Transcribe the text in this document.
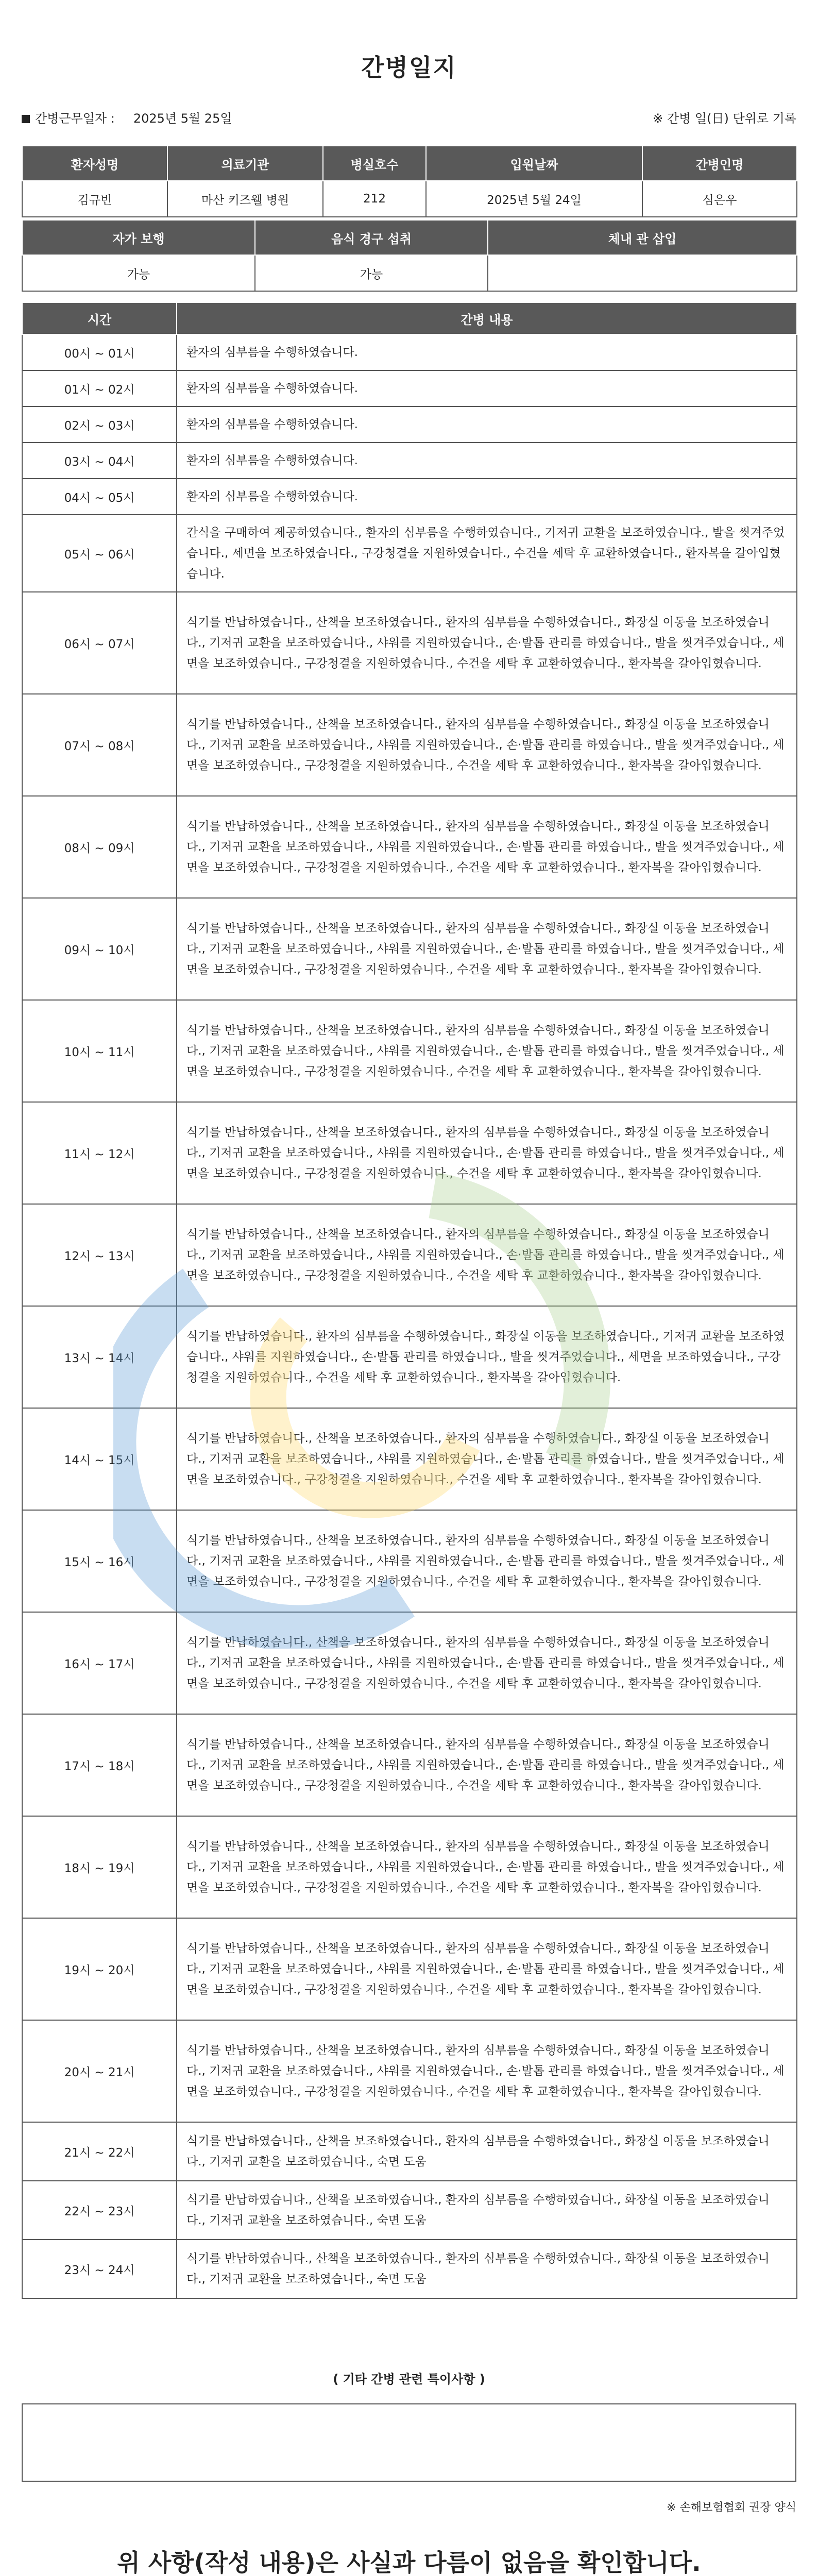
간병일지
간병근무일자 : 2025년 5월 25일	※ 간병 일(日) 단위로 기록
환자성명	의료기관	병실호수	입원날짜	간병인명
김규빈	마산 키즈웰 병원	212	2025년 5월 24일	심은우
자가 보행	음식 경구 섭취	체내 관 삽입
가능	가능	
시간	간병 내용
00시 ~ 01시	환자의 심부름을 수행하였습니다.
01시 ~ 02시	환자의 심부름을 수행하였습니다.
02시 ~ 03시	환자의 심부름을 수행하였습니다.
03시 ~ 04시	환자의 심부름을 수행하였습니다.
04시 ~ 05시	환자의 심부름을 수행하였습니다.
05시 ~ 06시	간식을 구매하여 제공하였습니다., 환자의 심부름을 수행하였습니다., 기저귀 교환을 보조하였습니다., 발을 씻겨주었습니다., 세면을 보조하였습니다., 구강청결을 지원하였습니다., 수건을 세탁 후 교환하였습니다., 환자복을 갈아입혔습니다.
06시 ~ 07시	식기를 반납하였습니다., 산책을 보조하였습니다., 환자의 심부름을 수행하였습니다., 화장실 이동을 보조하였습니다., 기저귀 교환을 보조하였습니다., 샤워를 지원하였습니다., 손·발톱 관리를 하였습니다., 발을 씻겨주었습니다., 세면을 보조하였습니다., 구강청결을 지원하였습니다., 수건을 세탁 후 교환하였습니다., 환자복을 갈아입혔습니다.
07시 ~ 08시	식기를 반납하였습니다., 산책을 보조하였습니다., 환자의 심부름을 수행하였습니다., 화장실 이동을 보조하였습니다., 기저귀 교환을 보조하였습니다., 샤워를 지원하였습니다., 손·발톱 관리를 하였습니다., 발을 씻겨주었습니다., 세면을 보조하였습니다., 구강청결을 지원하였습니다., 수건을 세탁 후 교환하였습니다., 환자복을 갈아입혔습니다.
08시 ~ 09시	식기를 반납하였습니다., 산책을 보조하였습니다., 환자의 심부름을 수행하였습니다., 화장실 이동을 보조하였습니다., 기저귀 교환을 보조하였습니다., 샤워를 지원하였습니다., 손·발톱 관리를 하였습니다., 발을 씻겨주었습니다., 세면을 보조하였습니다., 구강청결을 지원하였습니다., 수건을 세탁 후 교환하였습니다., 환자복을 갈아입혔습니다.
09시 ~ 10시	식기를 반납하였습니다., 산책을 보조하였습니다., 환자의 심부름을 수행하였습니다., 화장실 이동을 보조하였습니다., 기저귀 교환을 보조하였습니다., 샤워를 지원하였습니다., 손·발톱 관리를 하였습니다., 발을 씻겨주었습니다., 세면을 보조하였습니다., 구강청결을 지원하였습니다., 수건을 세탁 후 교환하였습니다., 환자복을 갈아입혔습니다.
10시 ~ 11시	식기를 반납하였습니다., 산책을 보조하였습니다., 환자의 심부름을 수행하였습니다., 화장실 이동을 보조하였습니다., 기저귀 교환을 보조하였습니다., 샤워를 지원하였습니다., 손·발톱 관리를 하였습니다., 발을 씻겨주었습니다., 세면을 보조하였습니다., 구강청결을 지원하였습니다., 수건을 세탁 후 교환하였습니다., 환자복을 갈아입혔습니다.
11시 ~ 12시	식기를 반납하였습니다., 산책을 보조하였습니다., 환자의 심부름을 수행하였습니다., 화장실 이동을 보조하였습니다., 기저귀 교환을 보조하였습니다., 샤워를 지원하였습니다., 손·발톱 관리를 하였습니다., 발을 씻겨주었습니다., 세면을 보조하였습니다., 구강청결을 지원하였습니다., 수건을 세탁 후 교환하였습니다., 환자복을 갈아입혔습니다.
12시 ~ 13시	식기를 반납하였습니다., 산책을 보조하였습니다., 환자의 심부름을 수행하였습니다., 화장실 이동을 보조하였습니다., 기저귀 교환을 보조하였습니다., 샤워를 지원하였습니다., 손·발톱 관리를 하였습니다., 발을 씻겨주었습니다., 세면을 보조하였습니다., 구강청결을 지원하였습니다., 수건을 세탁 후 교환하였습니다., 환자복을 갈아입혔습니다.
13시 ~ 14시	식기를 반납하였습니다., 환자의 심부름을 수행하였습니다., 화장실 이동을 보조하였습니다., 기저귀 교환을 보조하였습니다., 샤워를 지원하였습니다., 손·발톱 관리를 하였습니다., 발을 씻겨주었습니다., 세면을 보조하였습니다., 구강청결을 지원하였습니다., 수건을 세탁 후 교환하였습니다., 환자복을 갈아입혔습니다.
14시 ~ 15시	식기를 반납하였습니다., 산책을 보조하였습니다., 환자의 심부름을 수행하였습니다., 화장실 이동을 보조하였습니다., 기저귀 교환을 보조하였습니다., 샤워를 지원하였습니다., 손·발톱 관리를 하였습니다., 발을 씻겨주었습니다., 세면을 보조하였습니다., 구강청결을 지원하였습니다., 수건을 세탁 후 교환하였습니다., 환자복을 갈아입혔습니다.
15시 ~ 16시	식기를 반납하였습니다., 산책을 보조하였습니다., 환자의 심부름을 수행하였습니다., 화장실 이동을 보조하였습니다., 기저귀 교환을 보조하였습니다., 샤워를 지원하였습니다., 손·발톱 관리를 하였습니다., 발을 씻겨주었습니다., 세면을 보조하였습니다., 구강청결을 지원하였습니다., 수건을 세탁 후 교환하였습니다., 환자복을 갈아입혔습니다.
16시 ~ 17시	식기를 반납하였습니다., 산책을 보조하였습니다., 환자의 심부름을 수행하였습니다., 화장실 이동을 보조하였습니다., 기저귀 교환을 보조하였습니다., 샤워를 지원하였습니다., 손·발톱 관리를 하였습니다., 발을 씻겨주었습니다., 세면을 보조하였습니다., 구강청결을 지원하였습니다., 수건을 세탁 후 교환하였습니다., 환자복을 갈아입혔습니다.
17시 ~ 18시	식기를 반납하였습니다., 산책을 보조하였습니다., 환자의 심부름을 수행하였습니다., 화장실 이동을 보조하였습니다., 기저귀 교환을 보조하였습니다., 샤워를 지원하였습니다., 손·발톱 관리를 하였습니다., 발을 씻겨주었습니다., 세면을 보조하였습니다., 구강청결을 지원하였습니다., 수건을 세탁 후 교환하였습니다., 환자복을 갈아입혔습니다.
18시 ~ 19시	식기를 반납하였습니다., 산책을 보조하였습니다., 환자의 심부름을 수행하였습니다., 화장실 이동을 보조하였습니다., 기저귀 교환을 보조하였습니다., 샤워를 지원하였습니다., 손·발톱 관리를 하였습니다., 발을 씻겨주었습니다., 세면을 보조하였습니다., 구강청결을 지원하였습니다., 수건을 세탁 후 교환하였습니다., 환자복을 갈아입혔습니다.
19시 ~ 20시	식기를 반납하였습니다., 산책을 보조하였습니다., 환자의 심부름을 수행하였습니다., 화장실 이동을 보조하였습니다., 기저귀 교환을 보조하였습니다., 샤워를 지원하였습니다., 손·발톱 관리를 하였습니다., 발을 씻겨주었습니다., 세면을 보조하였습니다., 구강청결을 지원하였습니다., 수건을 세탁 후 교환하였습니다., 환자복을 갈아입혔습니다.
20시 ~ 21시	식기를 반납하였습니다., 산책을 보조하였습니다., 환자의 심부름을 수행하였습니다., 화장실 이동을 보조하였습니다., 기저귀 교환을 보조하였습니다., 샤워를 지원하였습니다., 손·발톱 관리를 하였습니다., 발을 씻겨주었습니다., 세면을 보조하였습니다., 구강청결을 지원하였습니다., 수건을 세탁 후 교환하였습니다., 환자복을 갈아입혔습니다.
21시 ~ 22시	식기를 반납하였습니다., 산책을 보조하였습니다., 환자의 심부름을 수행하였습니다., 화장실 이동을 보조하였습니다., 기저귀 교환을 보조하였습니다., 숙면 도움
22시 ~ 23시	식기를 반납하였습니다., 산책을 보조하였습니다., 환자의 심부름을 수행하였습니다., 화장실 이동을 보조하였습니다., 기저귀 교환을 보조하였습니다., 숙면 도움
23시 ~ 24시	식기를 반납하였습니다., 산책을 보조하였습니다., 환자의 심부름을 수행하였습니다., 화장실 이동을 보조하였습니다., 기저귀 교환을 보조하였습니다., 숙면 도움
( 기타 간병 관련 특이사항 )
※ 손해보험협회 권장 양식
위 사항(작성 내용)은 사실과 다름이 없음을 확인합니다.
